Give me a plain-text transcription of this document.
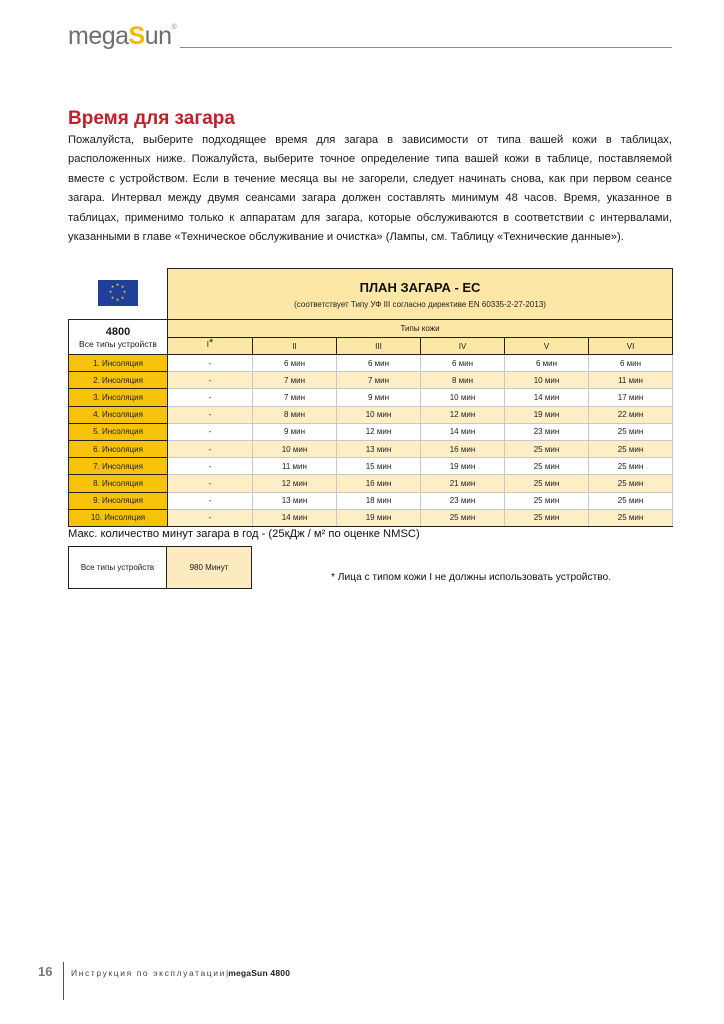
megaSun®
Время для загара

Пожалуйста, выберите подходящее время для загара в зависимости от типа вашей кожи в таблицах, расположенных ниже. Пожалуйста, выберите точное определение типа вашей кожи в таблице, поставляемой вместе с устройством. Если в течение месяца вы не загорели, следует начинать снова, как при первом сеансе загара. Интервал между двумя сеансами загара должен составлять минимум 48 часов. Время, указанное в таблицах, применимо только к аппаратам для загара, которые обслуживаются в соответствии с интервалами, указанными в главе «Техническое обслуживание и очистка» (Лампы, см. Таблицу «Технические данные»).

★ ★
★
★
★
★
★
★	ПЛАН ЗАГАРА - ЕС
(соответствует Типу УФ III согласно директиве EN 60335-2-27-2013)

4800
Все типы устройств	Типы кожи					
	I*	II	III	IV	V	VI
1. Инсоляция	-	6 мин	6 мин	6 мин	6 мин	6 мин
2. Инсоляция	-	7 мин	7 мин	8 мин	10 мин	11 мин
3. Инсоляция	-	7 мин	9 мин	10 мин	14 мин	17 мин
4. Инсоляция	-	8 мин	10 мин	12 мин	19 мин	22 мин
5. Инсоляция	-	9 мин	12 мин	14 мин	23 мин	25 мин
6. Инсоляция	-	10 мин	13 мин	16 мин	25 мин	25 мин
7. Инсоляция	-	11 мин	15 мин	19 мин	25 мин	25 мин
8. Инсоляция	-	12 мин	16 мин	21 мин	25 мин	25 мин
9. Инсоляция	-	13 мин	18 мин	23 мин	25 мин	25 мин
10. Инсоляция	-	14 мин	19 мин	25 мин	25 мин	25 мин
Макс. количество минут загара в год - (25кДж / м² по оценке NMSC)
Все типы устройств	980 Минут
* Лица с типом кожи I не должны использовать устройство.
16 Инструкция по эксплуатации|megaSun 4800
